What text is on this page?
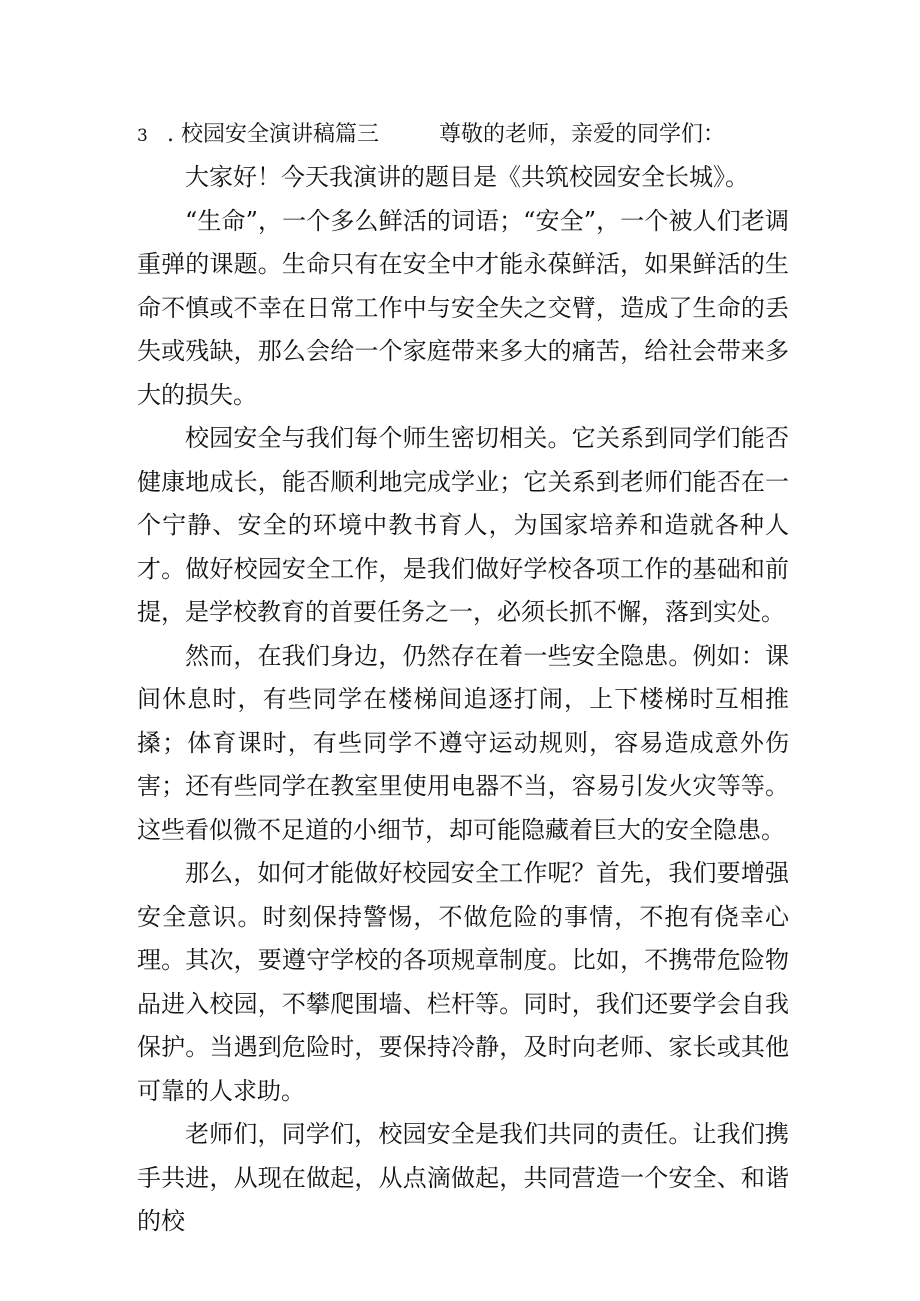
3 . 校园安全演讲稿篇三	尊敬的老师，亲爱的同学们：

大家好！今天我演讲的题目是《共筑校园安全长城》。

“生命”，一个多么鲜活的词语；“安全”，一个被人们老调重弹的课题。生命只有在安全中才能永葆鲜活，如果鲜活的生命不慎或不幸在日常工作中与安全失之交臂，造成了生命的丢失或残缺，那么会给一个家庭带来多大的痛苦，给社会带来多大的损失。

校园安全与我们每个师生密切相关。它关系到同学们能否健康地成长，能否顺利地完成学业；它关系到老师们能否在一个宁静、安全的环境中教书育人，为国家培养和造就各种人才。做好校园安全工作，是我们做好学校各项工作的基础和前提，是学校教育的首要任务之一，必须长抓不懈，落到实处。

然而，在我们身边，仍然存在着一些安全隐患。例如：课间休息时，有些同学在楼梯间追逐打闹，上下楼梯时互相推搡；体育课时，有些同学不遵守运动规则，容易造成意外伤害；还有些同学在教室里使用电器不当，容易引发火灾等等。这些看似微不足道的小细节，却可能隐藏着巨大的安全隐患。

那么，如何才能做好校园安全工作呢？首先，我们要增强安全意识。时刻保持警惕，不做危险的事情，不抱有侥幸心理。其次，要遵守学校的各项规章制度。比如，不携带危险物品进入校园，不攀爬围墙、栏杆等。同时，我们还要学会自我保护。当遇到危险时，要保持冷静，及时向老师、家长或其他可靠的人求助。

老师们，同学们，校园安全是我们共同的责任。让我们携手共进，从现在做起，从点滴做起，共同营造一个安全、和谐的校
